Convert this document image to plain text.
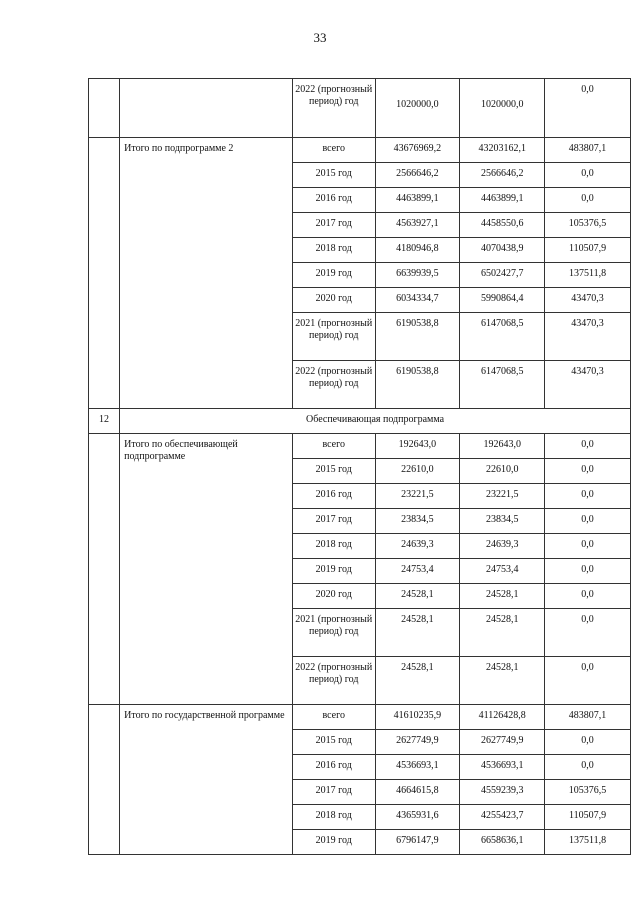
33
		2022 (прогнозный период) год	1020000,0	1020000,0	0,0
	Итого по подпрограмме 2	всего	43676969,2	43203162,1	483807,1
		2015 год	2566646,2	2566646,2	0,0
		2016 год	4463899,1	4463899,1	0,0
		2017 год	4563927,1	4458550,6	105376,5
		2018 год	4180946,8	4070438,9	110507,9
		2019 год	6639939,5	6502427,7	137511,8
		2020 год	6034334,7	5990864,4	43470,3
		2021 (прогнозный период) год	6190538,8	6147068,5	43470,3
		2022 (прогнозный период) год	6190538,8	6147068,5	43470,3
12	Обеспечивающая подпрограмма				
	Итого по обеспечивающей подпрограмме	всего	192643,0	192643,0	0,0
		2015 год	22610,0	22610,0	0,0
		2016 год	23221,5	23221,5	0,0
		2017 год	23834,5	23834,5	0,0
		2018 год	24639,3	24639,3	0,0
		2019 год	24753,4	24753,4	0,0
		2020 год	24528,1	24528,1	0,0
		2021 (прогнозный период) год	24528,1	24528,1	0,0
		2022 (прогнозный период) год	24528,1	24528,1	0,0
	Итого по государственной программе	всего	41610235,9	41126428,8	483807,1
		2015 год	2627749,9	2627749,9	0,0
		2016 год	4536693,1	4536693,1	0,0
		2017 год	4664615,8	4559239,3	105376,5
		2018 год	4365931,6	4255423,7	110507,9
		2019 год	6796147,9	6658636,1	137511,8
